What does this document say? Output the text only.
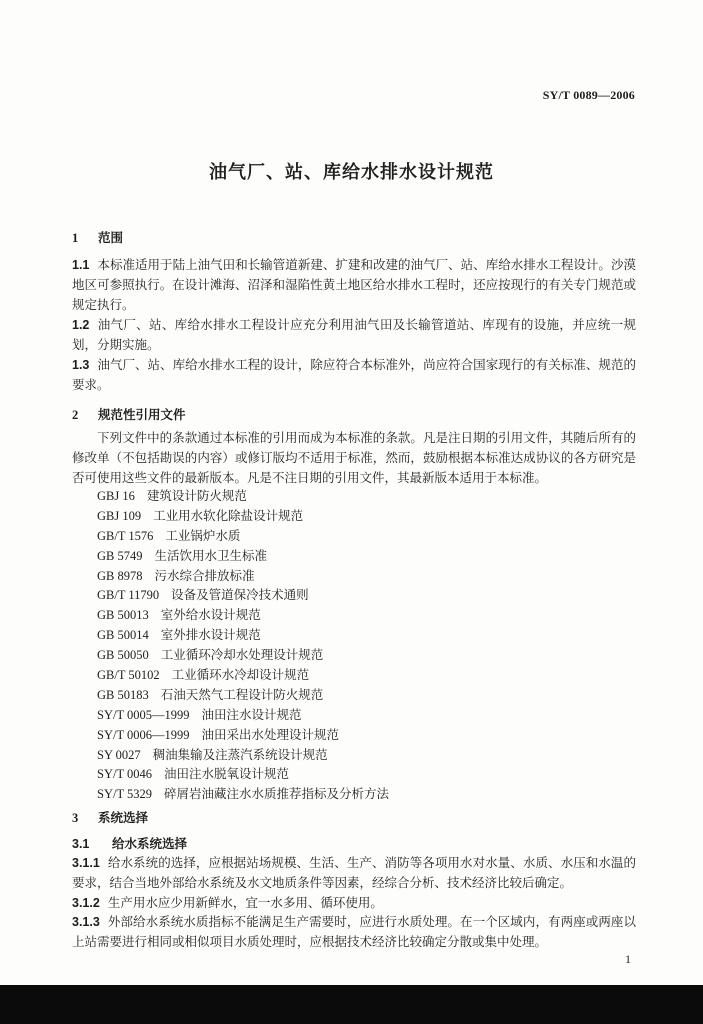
SY/T 0089—2006
油气厂、站、库给水排水设计规范
1 范围
1.1 本标准适用于陆上油气田和长输管道新建、扩建和改建的油气厂、站、库给水排水工程设计。沙漠地区可参照执行。在设计滩海、沼泽和湿陷性黄土地区给水排水工程时，还应按现行的有关专门规范或规定执行。
1.2 油气厂、站、库给水排水工程设计应充分利用油气田及长输管道站、库现有的设施，并应统一规划，分期实施。
1.3 油气厂、站、库给水排水工程的设计，除应符合本标准外，尚应符合国家现行的有关标准、规范的要求。
2 规范性引用文件
下列文件中的条款通过本标准的引用而成为本标准的条款。凡是注日期的引用文件，其随后所有的修改单（不包括勘误的内容）或修订版均不适用于标准，然而，鼓励根据本标准达成协议的各方研究是否可使用这些文件的最新版本。凡是不注日期的引用文件，其最新版本适用于本标准。
GBJ 16 建筑设计防火规范
GBJ 109 工业用水软化除盐设计规范
GB/T 1576 工业锅炉水质
GB 5749 生活饮用水卫生标准
GB 8978 污水综合排放标准
GB/T 11790 设备及管道保冷技术通则
GB 50013 室外给水设计规范
GB 50014 室外排水设计规范
GB 50050 工业循环冷却水处理设计规范
GB/T 50102 工业循环水冷却设计规范
GB 50183 石油天然气工程设计防火规范
SY/T 0005—1999 油田注水设计规范
SY/T 0006—1999 油田采出水处理设计规范
SY 0027 稠油集输及注蒸汽系统设计规范
SY/T 0046 油田注水脱氧设计规范
SY/T 5329 碎屑岩油藏注水水质推荐指标及分析方法
3 系统选择
3.1 给水系统选择
3.1.1 给水系统的选择，应根据站场规模、生活、生产、消防等各项用水对水量、水质、水压和水温的要求，结合当地外部给水系统及水文地质条件等因素，经综合分析、技术经济比较后确定。
3.1.2 生产用水应少用新鲜水，宜一水多用、循环使用。
3.1.3 外部给水系统水质指标不能满足生产需要时，应进行水质处理。在一个区域内，有两座或两座以上站需要进行相同或相似项目水质处理时，应根据技术经济比较确定分散或集中处理。
1
